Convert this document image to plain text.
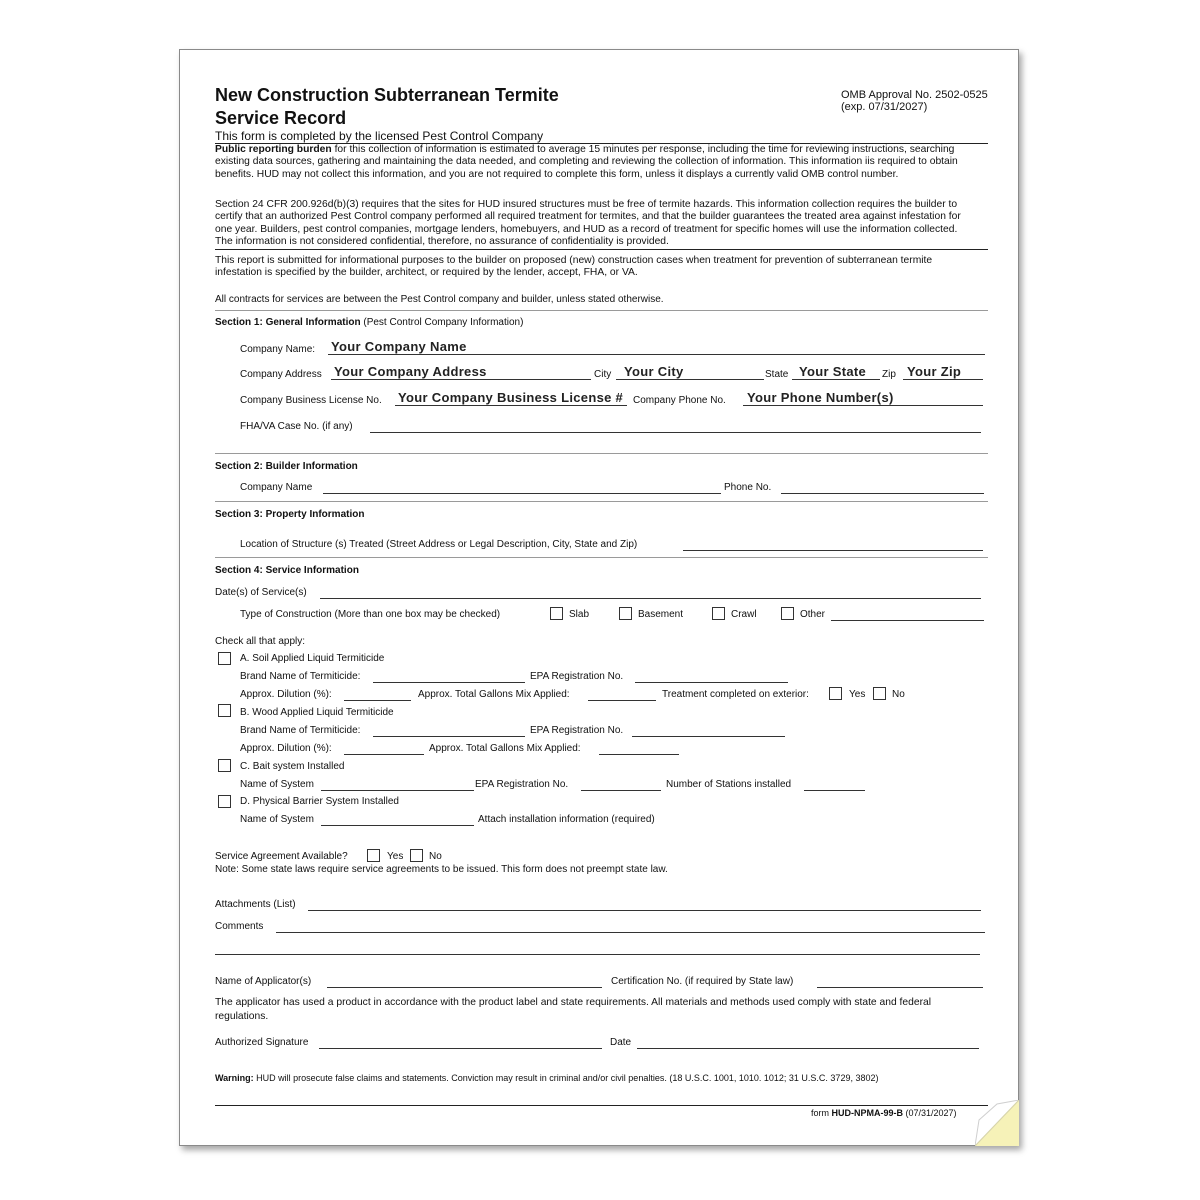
New Construction Subterranean Termite
Service Record
OMB Approval No. 2502-0525
(exp. 07/31/2027)
This form is completed by the licensed Pest Control Company
Public reporting burden for this collection of information is estimated to average 15 minutes per response, including the time for reviewing instructions, searching existing data sources, gathering and maintaining the data needed, and completing and reviewing the collection of information. This information iis required to obtain benefits. HUD may not collect this information, and you are not required to complete this form, unless it displays a currently valid OMB control number.
Section 24 CFR 200.926d(b)(3) requires that the sites for HUD insured structures must be free of termite hazards. This information collection requires the builder to certify that an authorized Pest Control company performed all required treatment for termites, and that the builder guarantees the treated area against infestation for one year. Builders, pest control companies, mortgage lenders, homebuyers, and HUD as a record of treatment for specific homes will use the information collected. The information is not considered confidential, therefore, no assurance of confidentiality is provided.
This report is submitted for informational purposes to the builder on proposed (new) construction cases when treatment for prevention of subterranean termite infestation is specified by the builder, architect, or required by the lender, accept, FHA, or VA.
All contracts for services are between the Pest Control company and builder, unless stated otherwise.
Section 1: General Information (Pest Control Company Information)
Company Name: Your Company Name
Company Address Your Company Address	City Your City	State Your State Zip Your Zip
Company Business License No. Your Company Business License # Company Phone No. Your Phone Number(s)
FHA/VA Case No. (if any)
Section 2: Builder Information
Company Name	Phone No.
Section 3: Property Information
Location of Structure (s) Treated (Street Address or Legal Description, City, State and Zip)
Section 4: Service Information
Date(s) of Service(s)
Type of Construction (More than one box may be checked)	Slab	Basement	Crawl	Other
Check all that apply:
A. Soil Applied Liquid Termiticide
Brand Name of Termiticide:	EPA Registration No.
Approx. Dilution (%):	Approx. Total Gallons Mix Applied:	Treatment completed on exterior:	Yes	No
B. Wood Applied Liquid Termiticide
Brand Name of Termiticide:	EPA Registration No.
Approx. Dilution (%):	Approx. Total Gallons Mix Applied:
C. Bait system Installed
Name of System	EPA Registration No.	Number of Stations installed
D. Physical Barrier System Installed
Name of System	Attach installation information (required)
Service Agreement Available?	Yes	No
Note: Some state laws require service agreements to be issued. This form does not preempt state law.
Attachments (List)
Comments
Name of Applicator(s)	Certification No. (if required by State law)
The applicator has used a product in accordance with the product label and state requirements. All materials and methods used comply with state and federal regulations.
Authorized Signature	Date
Warning: HUD will prosecute false claims and statements. Conviction may result in criminal and/or civil penalties. (18 U.S.C. 1001, 1010. 1012; 31 U.S.C. 3729, 3802)
form HUD-NPMA-99-B (07/31/2027)
